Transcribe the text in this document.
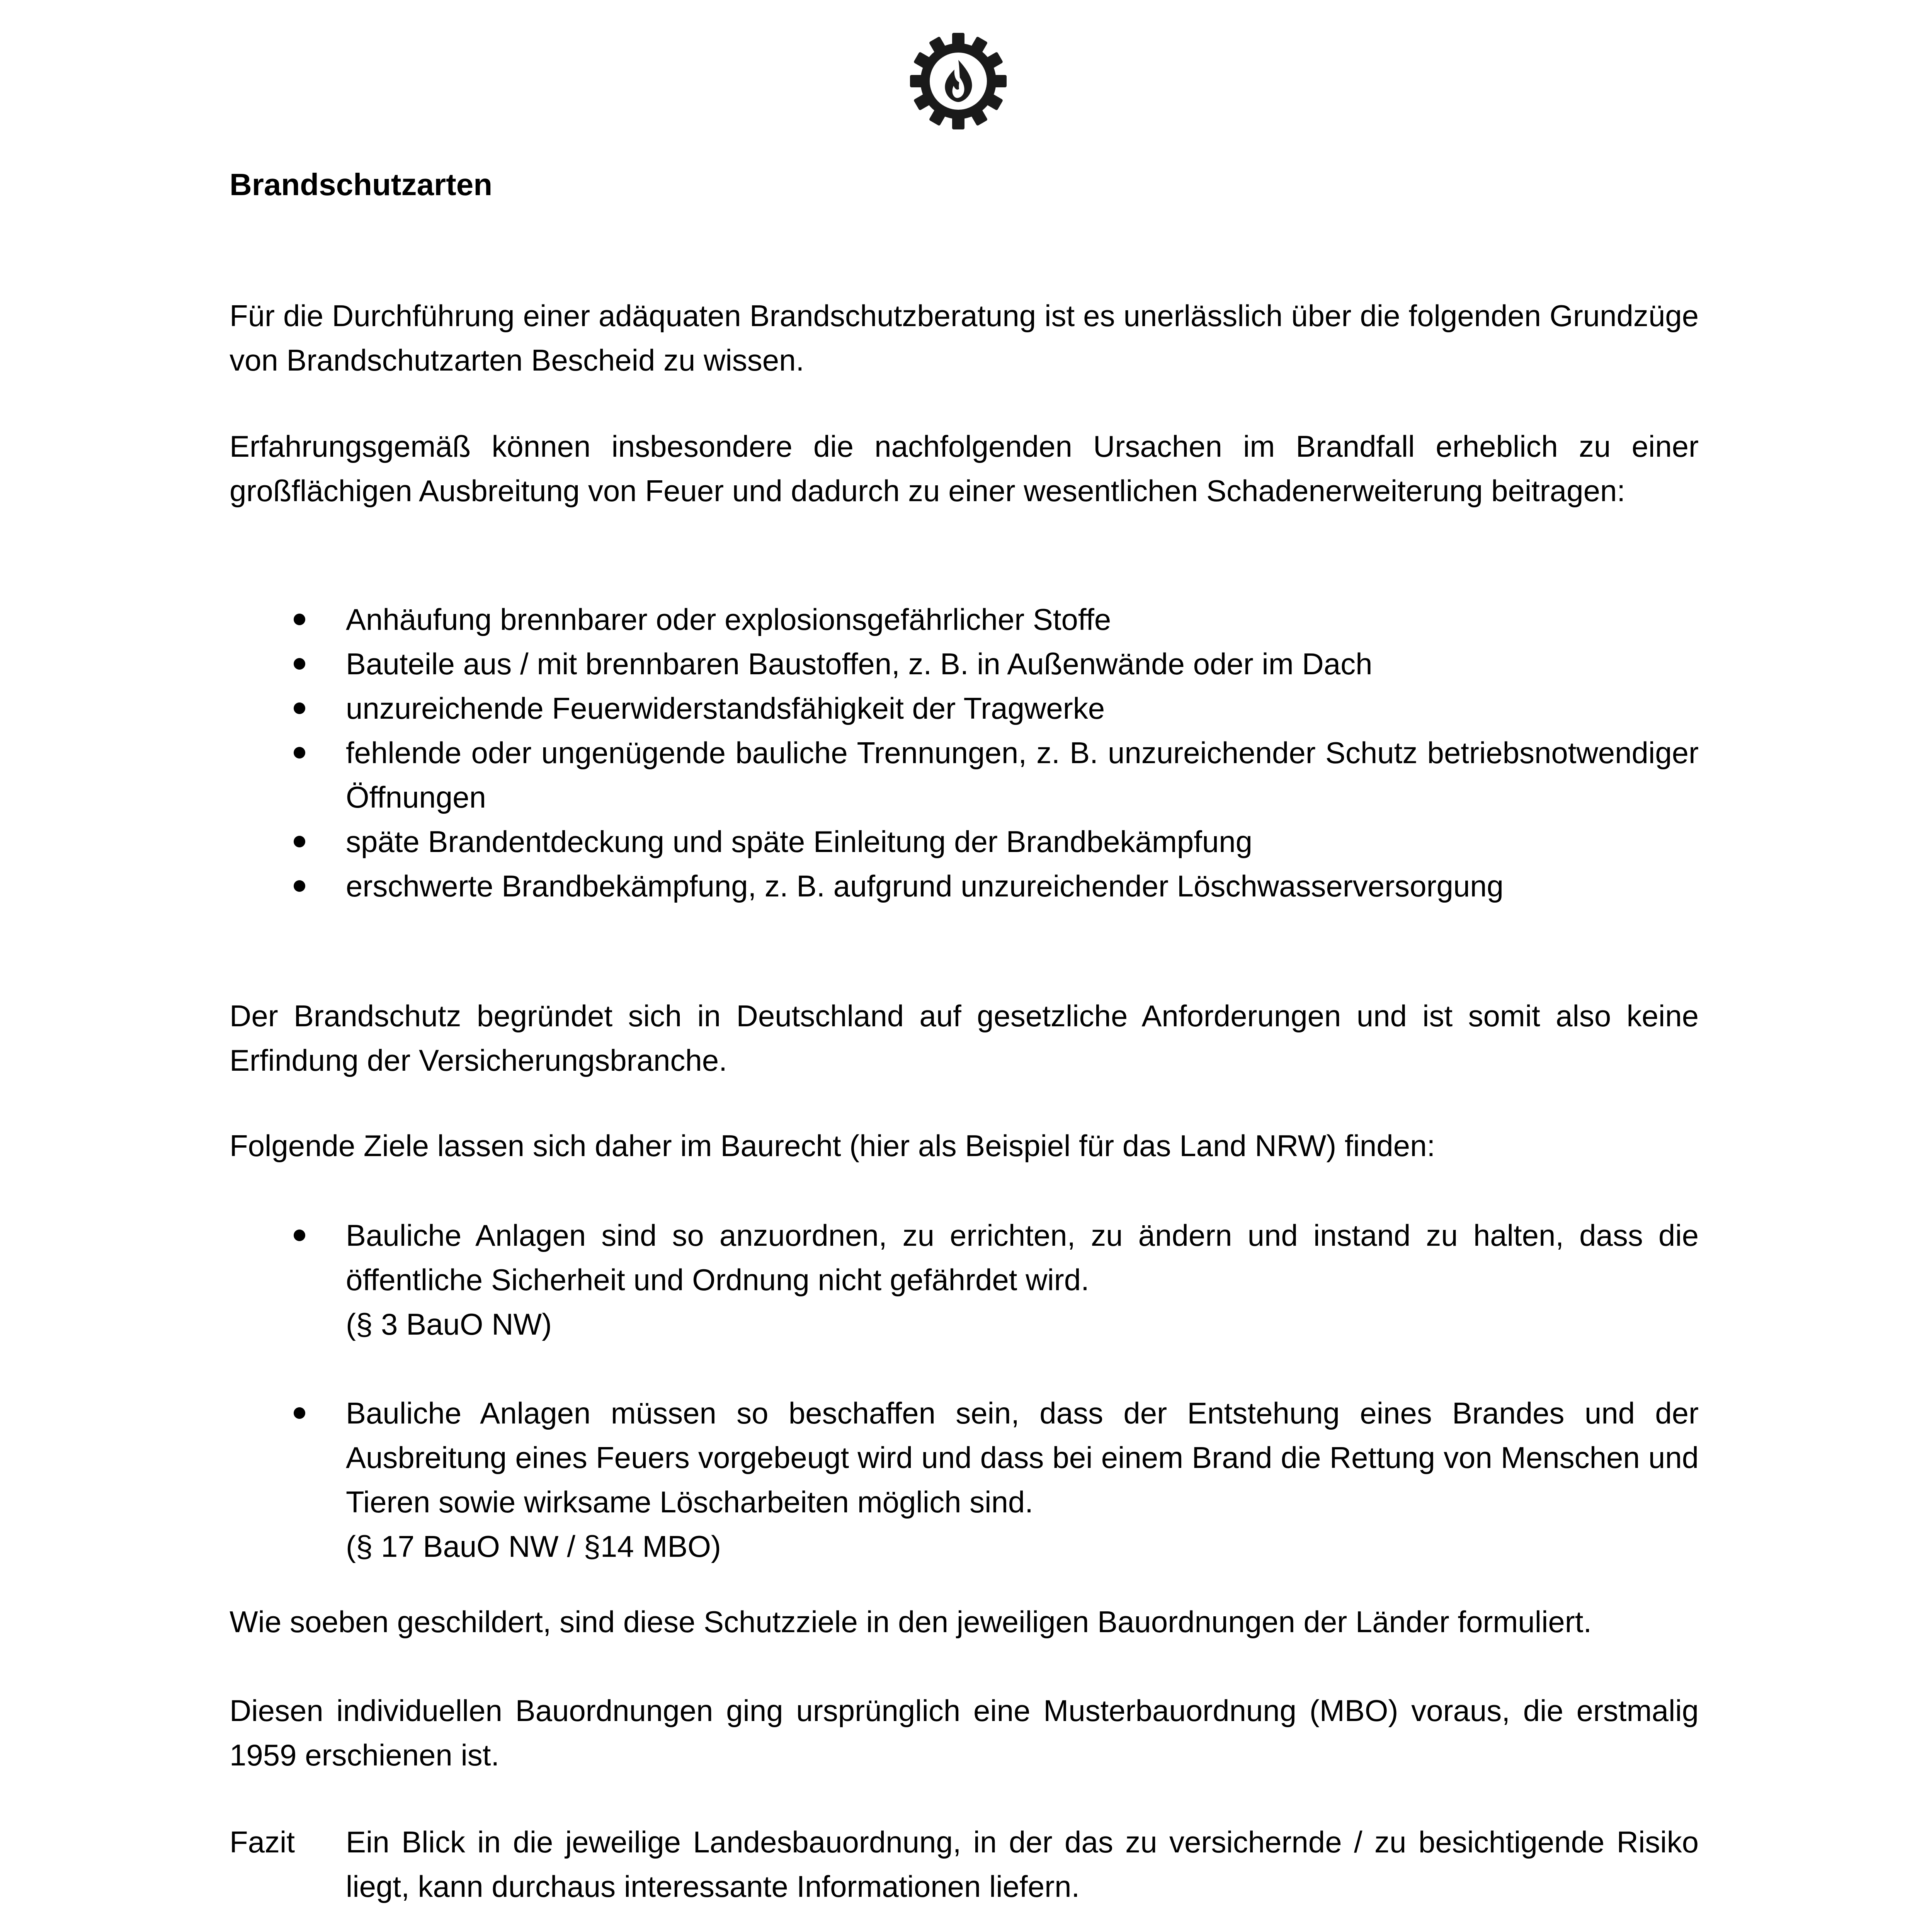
Brandschutzarten
Für die Durchführung einer adäquaten Brandschutzberatung ist es unerlässlich über die folgenden Grundzüge von Brandschutzarten Bescheid zu wissen.
Erfahrungsgemäß können insbesondere die nachfolgenden Ursachen im Brandfall erheblich zu einer großflächigen Ausbreitung von Feuer und dadurch zu einer wesentlichen Schadenerweiterung beitragen:
Anhäufung brennbarer oder explosionsgefährlicher Stoffe
Bauteile aus / mit brennbaren Baustoffen, z. B. in Außenwände oder im Dach
unzureichende Feuerwiderstandsfähigkeit der Tragwerke
fehlende oder ungenügende bauliche Trennungen, z. B. unzureichender Schutz betriebsnotwendiger Öffnungen
späte Brandentdeckung und späte Einleitung der Brandbekämpfung
erschwerte Brandbekämpfung, z. B. aufgrund unzureichender Löschwasserversorgung
Der Brandschutz begründet sich in Deutschland auf gesetzliche Anforderungen und ist somit also keine Erfindung der Versicherungsbranche.
Folgende Ziele lassen sich daher im Baurecht (hier als Beispiel für das Land NRW) finden:
Bauliche Anlagen sind so anzuordnen, zu errichten, zu ändern und instand zu halten, dass die öffentliche Sicherheit und Ordnung nicht gefährdet wird.
(§ 3 BauO NW)
Bauliche Anlagen müssen so beschaffen sein, dass der Entstehung eines Brandes und der Ausbreitung eines Feuers vorgebeugt wird und dass bei einem Brand die Rettung von Menschen und Tieren sowie wirksame Löscharbeiten möglich sind.
(§ 17 BauO NW / §14 MBO)
Wie soeben geschildert, sind diese Schutzziele in den jeweiligen Bauordnungen der Länder formuliert.
Diesen individuellen Bauordnungen ging ursprünglich eine Musterbauordnung (MBO) voraus, die erstmalig 1959 erschienen ist.
Fazit Ein Blick in die jeweilige Landesbauordnung, in der das zu versichernde / zu besichtigende Risiko liegt, kann durchaus interessante Informationen liefern.
